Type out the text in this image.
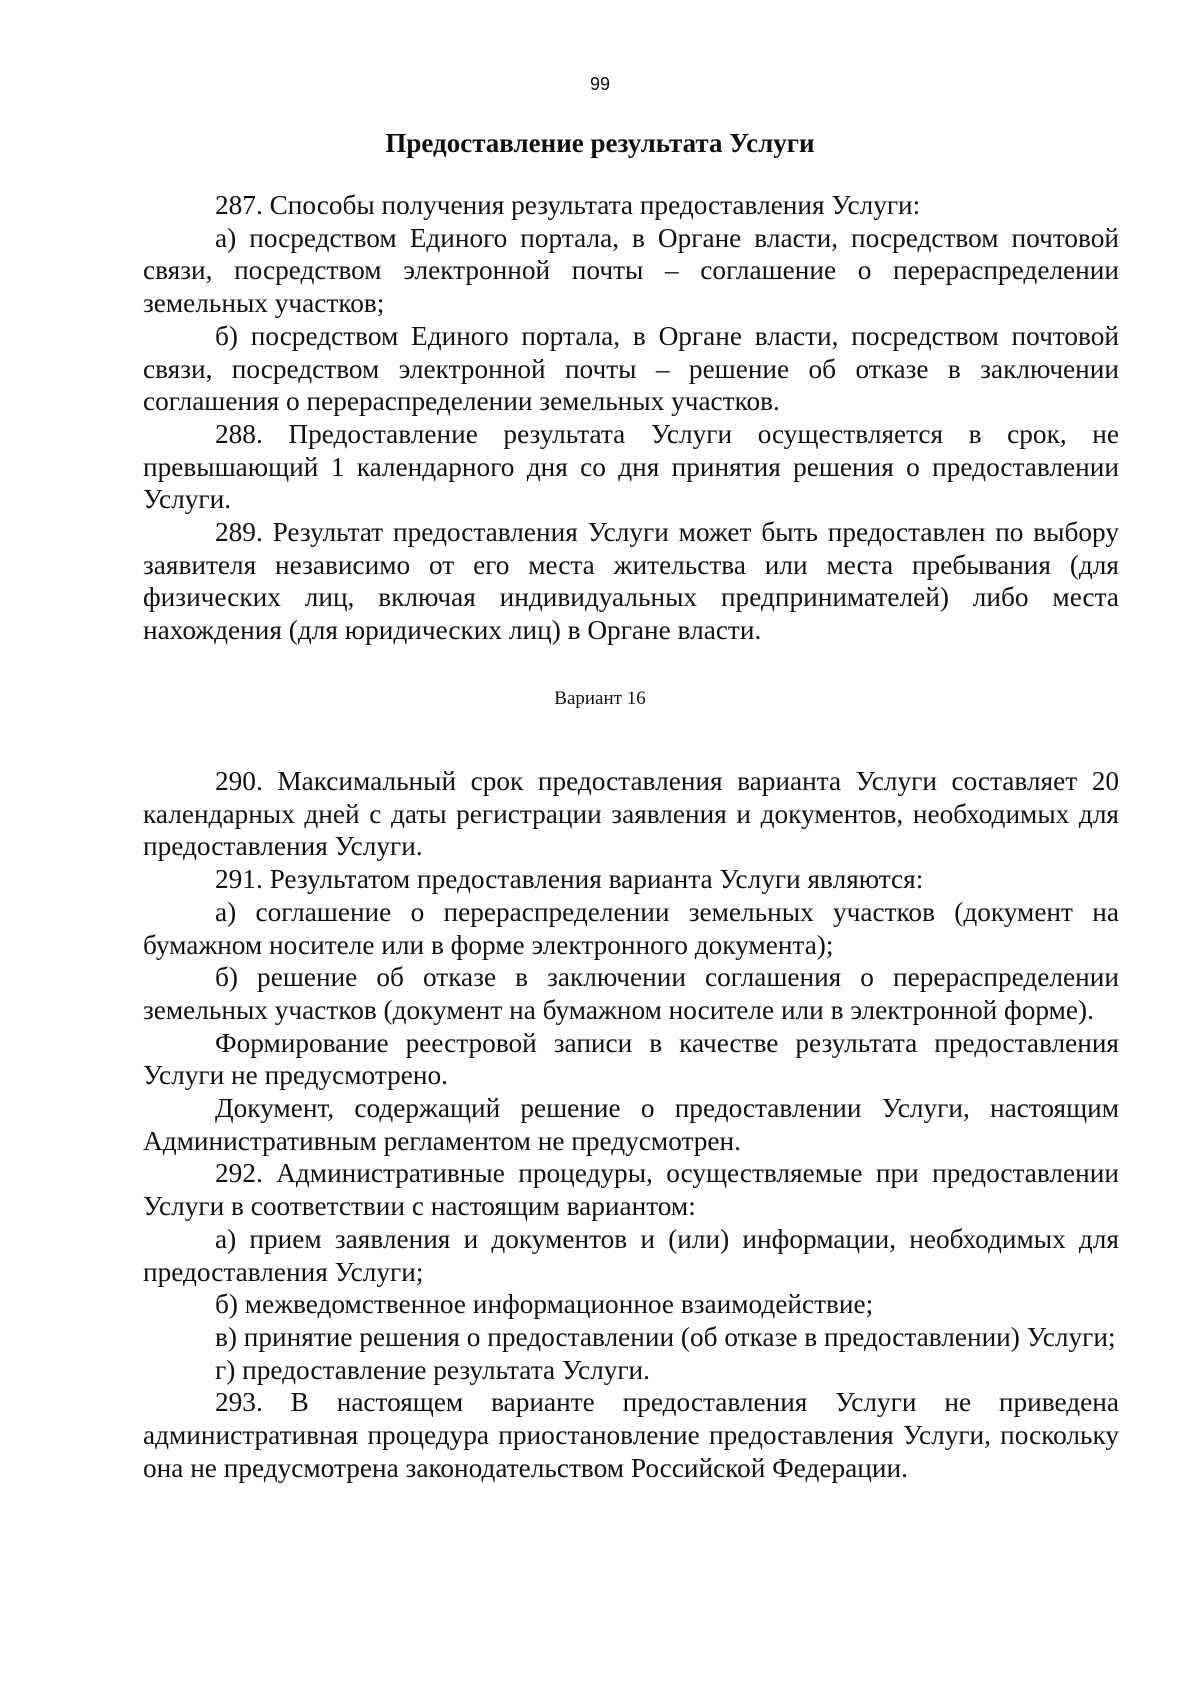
99
Предоставление результата Услуги

287. Способы получения результата предоставления Услуги:

а) посредством Единого портала, в Органе власти, посредством почтовой связи, посредством электронной почты – соглашение о перераспределении земельных участков;

б) посредством Единого портала, в Органе власти, посредством почтовой связи, посредством электронной почты – решение об отказе в заключении соглашения о перераспределении земельных участков.

288. Предоставление результата Услуги осуществляется в срок, не превышающий 1 календарного дня со дня принятия решения о предоставлении Услуги.

289. Результат предоставления Услуги может быть предоставлен по выбору заявителя независимо от его места жительства или места пребывания (для физических лиц, включая индивидуальных предпринимателей) либо места нахождения (для юридических лиц) в Органе власти.

Вариант 16

290. Максимальный срок предоставления варианта Услуги составляет 20 календарных дней с даты регистрации заявления и документов, необходимых для предоставления Услуги.

291. Результатом предоставления варианта Услуги являются:

а) соглашение о перераспределении земельных участков (документ на бумажном носителе или в форме электронного документа);

б) решение об отказе в заключении соглашения о перераспределении земельных участков (документ на бумажном носителе или в электронной форме).

Формирование реестровой записи в качестве результата предоставления Услуги не предусмотрено.

Документ, содержащий решение о предоставлении Услуги, настоящим Административным регламентом не предусмотрен.

292. Административные процедуры, осуществляемые при предоставлении Услуги в соответствии с настоящим вариантом:

а) прием заявления и документов и (или) информации, необходимых для предоставления Услуги;

б) межведомственное информационное взаимодействие;

в) принятие решения о предоставлении (об отказе в предоставлении) Услуги;

г) предоставление результата Услуги.

293. В настоящем варианте предоставления Услуги не приведена административная процедура приостановление предоставления Услуги, поскольку она не предусмотрена законодательством Российской Федерации.
